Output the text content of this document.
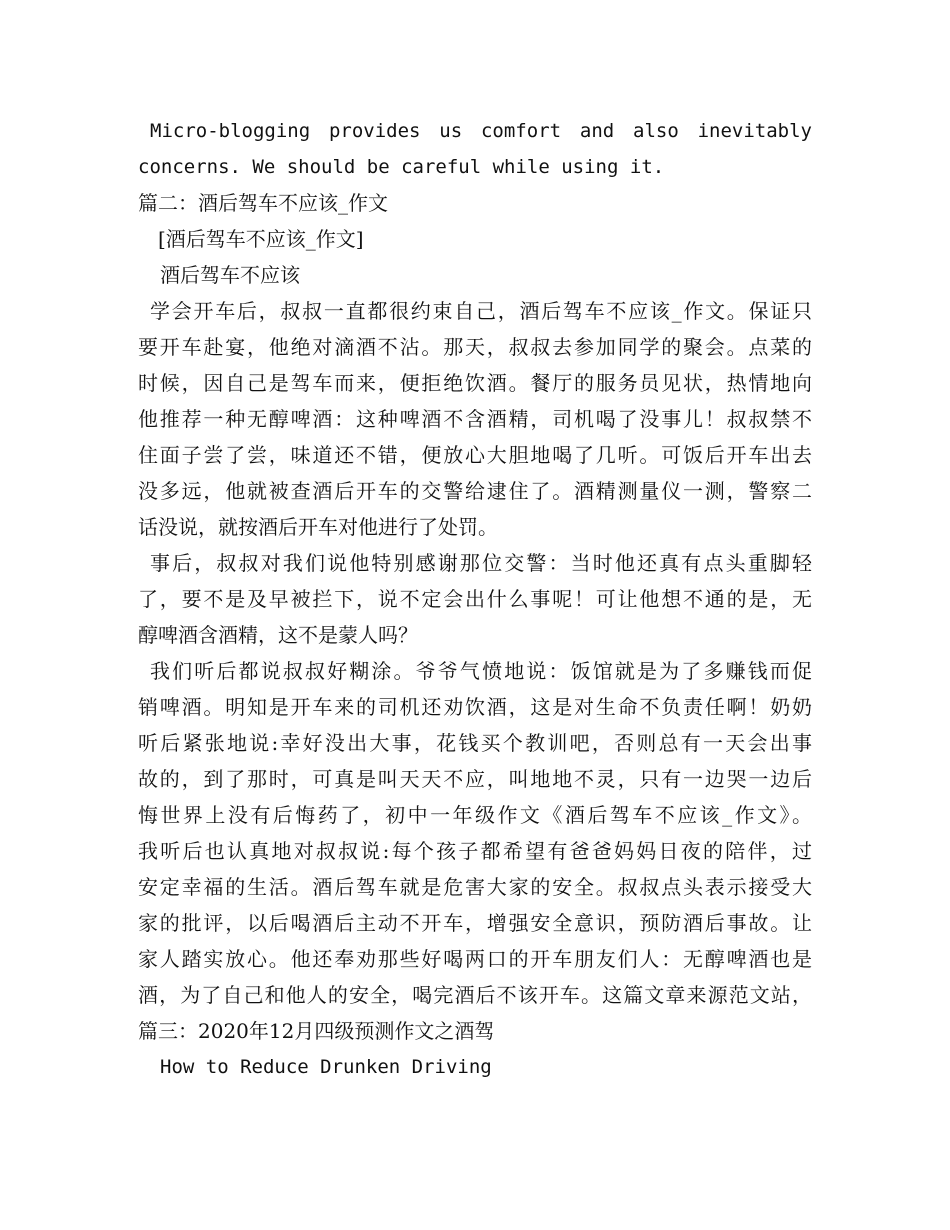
Micro-blogging provides us comfort and also inevitably
concerns. We should be careful while using it.
篇二：酒后驾车不应该_作文
[酒后驾车不应该_作文]
酒后驾车不应该
学会开车后，叔叔一直都很约束自己，酒后驾车不应该_作文。保证只
要开车赴宴，他绝对滴酒不沾。那天，叔叔去参加同学的聚会。点菜的
时候，因自己是驾车而来，便拒绝饮酒。餐厅的服务员见状，热情地向
他推荐一种无醇啤酒：这种啤酒不含酒精，司机喝了没事儿！叔叔禁不
住面子尝了尝，味道还不错，便放心大胆地喝了几听。可饭后开车出去
没多远，他就被查酒后开车的交警给逮住了。酒精测量仪一测，警察二
话没说，就按酒后开车对他进行了处罚。
事后，叔叔对我们说他特别感谢那位交警：当时他还真有点头重脚轻
了，要不是及早被拦下，说不定会出什么事呢！可让他想不通的是，无
醇啤酒含酒精，这不是蒙人吗？
我们听后都说叔叔好糊涂。爷爷气愤地说：饭馆就是为了多赚钱而促
销啤酒。明知是开车来的司机还劝饮酒，这是对生命不负责任啊！奶奶
听后紧张地说:幸好没出大事，花钱买个教训吧，否则总有一天会出事
故的，到了那时，可真是叫天天不应，叫地地不灵，只有一边哭一边后
悔世界上没有后悔药了，初中一年级作文《酒后驾车不应该_作文》。
我听后也认真地对叔叔说:每个孩子都希望有爸爸妈妈日夜的陪伴，过
安定幸福的生活。酒后驾车就是危害大家的安全。叔叔点头表示接受大
家的批评，以后喝酒后主动不开车，增强安全意识，预防酒后事故。让
家人踏实放心。他还奉劝那些好喝两口的开车朋友们人：无醇啤酒也是
酒，为了自己和他人的安全，喝完酒后不该开车。这篇文章来源范文站，
篇三：2020年12月四级预测作文之酒驾
How to Reduce Drunken Driving
